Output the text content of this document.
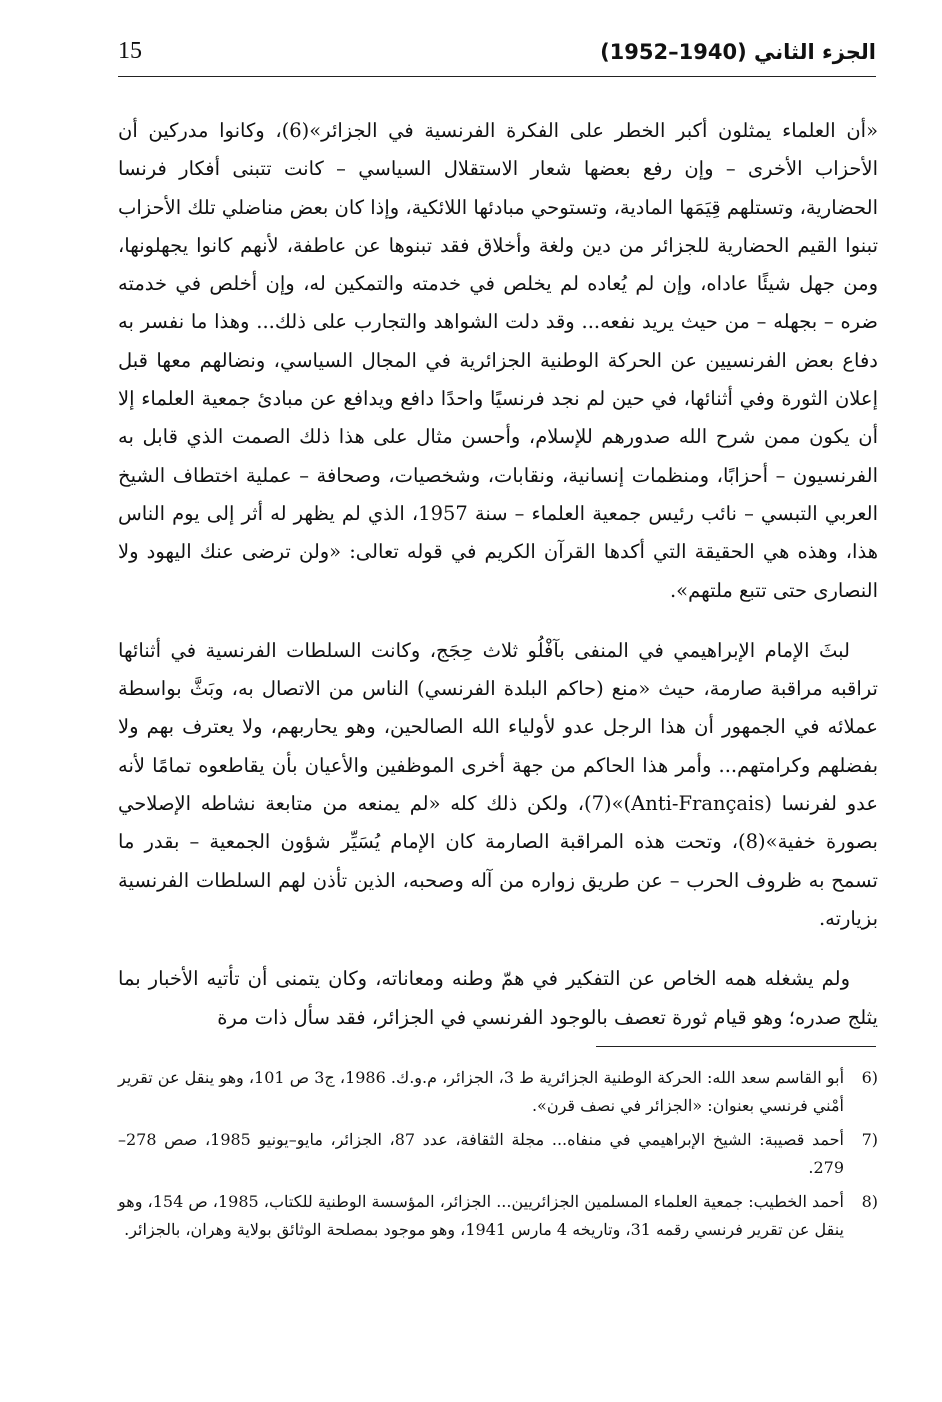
15	الجزء الثاني (1940–1952)

«أن العلماء يمثلون أكبر الخطر على الفكرة الفرنسية في الجزائر»(6)، وكانوا مدركين أن الأحزاب الأخرى – وإن رفع بعضها شعار الاستقلال السياسي – كانت تتبنى أفكار فرنسا الحضارية، وتستلهم قِيَمَها المادية، وتستوحي مبادئها اللائكية، وإذا كان بعض مناضلي تلك الأحزاب تبنوا القيم الحضارية للجزائر من دين ولغة وأخلاق فقد تبنوها عن عاطفة، لأنهم كانوا يجهلونها، ومن جهل شيئًا عاداه، وإن لم يُعاده لم يخلص في خدمته والتمكين له، وإن أخلص في خدمته ضره – بجهله – من حيث يريد نفعه... وقد دلت الشواهد والتجارب على ذلك... وهذا ما نفسر به دفاع بعض الفرنسيين عن الحركة الوطنية الجزائرية في المجال السياسي، ونضالهم معها قبل إعلان الثورة وفي أثنائها، في حين لم نجد فرنسيًا واحدًا دافع ويدافع عن مبادئ جمعية العلماء إلا أن يكون ممن شرح الله صدورهم للإسلام، وأحسن مثال على هذا ذلك الصمت الذي قابل به الفرنسيون – أحزابًا، ومنظمات إنسانية، ونقابات، وشخصيات، وصحافة – عملية اختطاف الشيخ العربي التبسي – نائب رئيس جمعية العلماء – سنة 1957، الذي لم يظهر له أثر إلى يوم الناس هذا، وهذه هي الحقيقة التي أكدها القرآن الكريم في قوله تعالى: «ولن ترضى عنك اليهود ولا النصارى حتى تتبع ملتهم».

لبثَ الإمام الإبراهيمي في المنفى بآفْلُو ثلاث حِجَج، وكانت السلطات الفرنسية في أثنائها تراقبه مراقبة صارمة، حيث «منع (حاكم البلدة الفرنسي) الناس من الاتصال به، وبَثَّ بواسطة عملائه في الجمهور أن هذا الرجل عدو لأولياء الله الصالحين، وهو يحاربهم، ولا يعترف بهم ولا بفضلهم وكرامتهم... وأمر هذا الحاكم من جهة أخرى الموظفين والأعيان بأن يقاطعوه تمامًا لأنه عدو لفرنسا (Anti-Français)»(7)، ولكن ذلك كله «لم يمنعه من متابعة نشاطه الإصلاحي بصورة خفية»(8)، وتحت هذه المراقبة الصارمة كان الإمام يُسَيِّر شؤون الجمعية – بقدر ما تسمح به ظروف الحرب – عن طريق زواره من آله وصحبه، الذين تأذن لهم السلطات الفرنسية بزيارته.

ولم يشغله همه الخاص عن التفكير في همّ وطنه ومعاناته، وكان يتمنى أن تأتيه الأخبار بما يثلج صدره؛ وهو قيام ثورة تعصف بالوجود الفرنسي في الجزائر، فقد سأل ذات مرة

6)
أبو القاسم سعد الله: الحركة الوطنية الجزائرية ط 3، الجزائر، م.و.ك. 1986، ج3 ص 101، وهو ينقل عن تقرير أمْني فرنسي بعنوان: «الجزائر في نصف قرن».
7)
أحمد قصيبة: الشيخ الإبراهيمي في منفاه... مجلة الثقافة، عدد 87، الجزائر، مايو–يونيو 1985، صص 278–279.
8)
أحمد الخطيب: جمعية العلماء المسلمين الجزائريين... الجزائر، المؤسسة الوطنية للكتاب، 1985، ص 154، وهو ينقل عن تقرير فرنسي رقمه 31، وتاريخه 4 مارس 1941، وهو موجود بمصلحة الوثائق بولاية وهران، بالجزائر.
